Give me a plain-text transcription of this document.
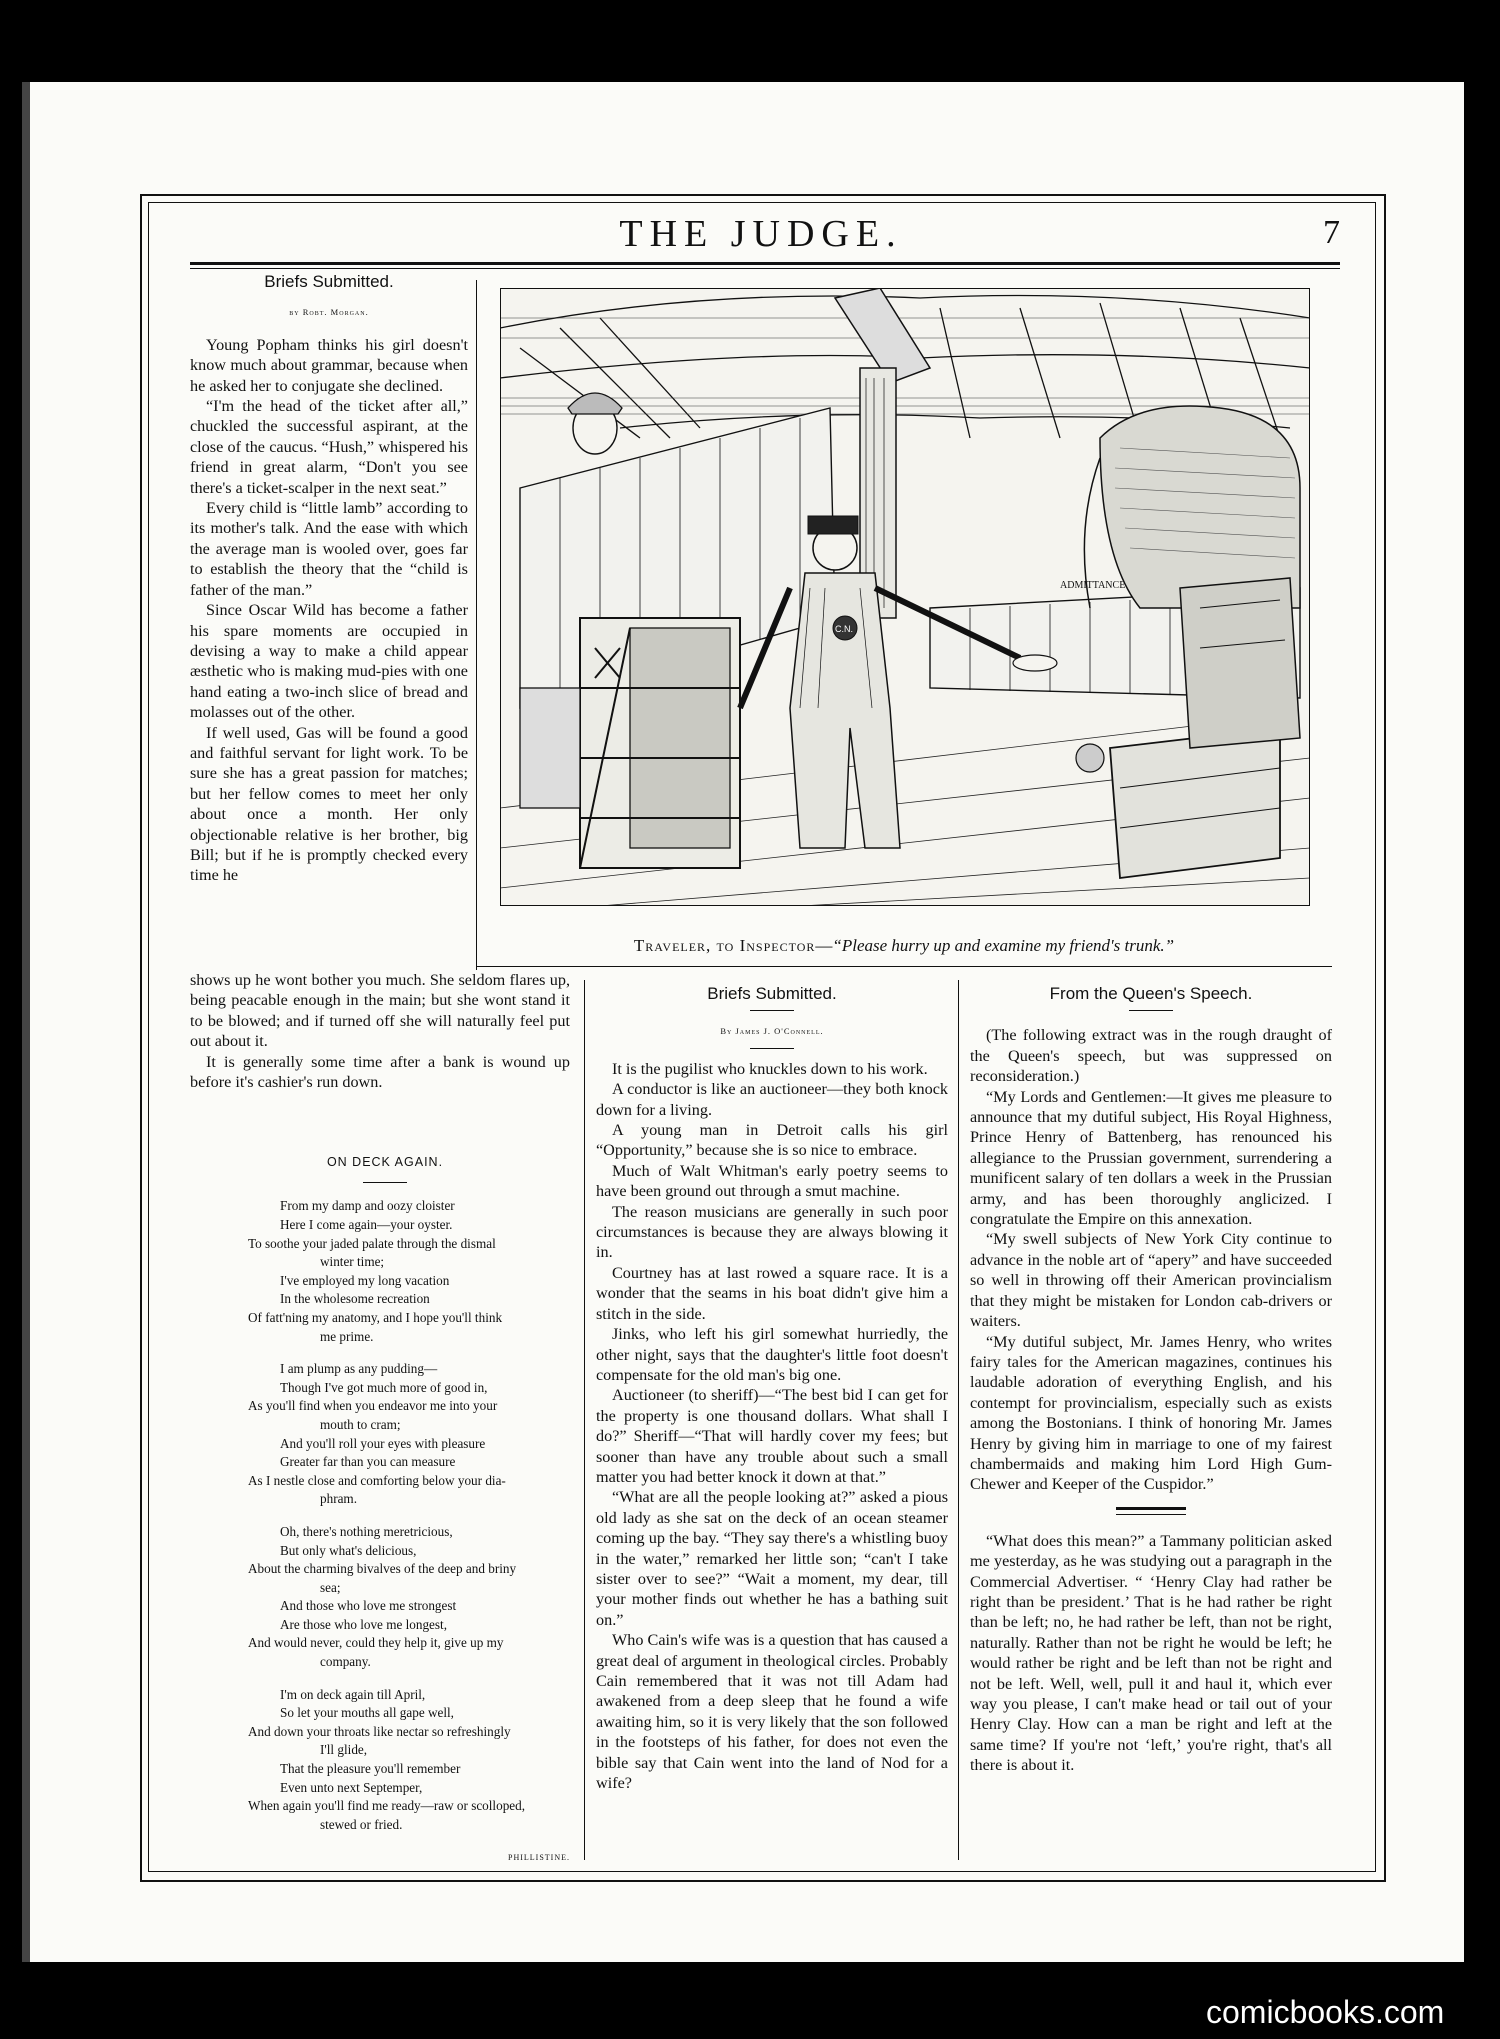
THE JUDGE.	7
Briefs Submitted.
by Robt. Morgan.

Young Popham thinks his girl doesn't know much about grammar, because when he asked her to conjugate she declined.

“I'm the head of the ticket after all,” chuckled the successful aspirant, at the close of the caucus. “Hush,” whispered his friend in great alarm, “Don't you see there's a ticket-scalper in the next seat.”

Every child is “little lamb” according to its mother's talk. And the ease with which the average man is wooled over, goes far to establish the theory that the “child is father of the man.”

Since Oscar Wild has become a father his spare moments are occupied in devising a way to make a child appear æsthetic who is making mud-pies with one hand eating a two-inch slice of bread and molasses out of the other.

If well used, Gas will be found a good and faithful servant for light work. To be sure she has a great passion for matches; but her fellow comes to meet her only about once a month. Her only objectionable relative is her brother, big Bill; but if he is promptly checked every time he

ADMITTANCE
C.N.
Traveler, to Inspector—“Please hurry up and examine my friend's trunk.”

shows up he wont bother you much. She seldom flares up, being peacable enough in the main; but she wont stand it to be blowed; and if turned off she will naturally feel put out about it.

It is generally some time after a bank is wound up before it's cashier's run down.

ON DECK AGAIN.
From my damp and oozy cloister
Here I come again—your oyster.
To soothe your jaded palate through the dismal
winter time;
I've employed my long vacation
In the wholesome recreation
Of fatt'ning my anatomy, and I hope you'll think
me prime.
I am plump as any pudding—
Though I've got much more of good in,
As you'll find when you endeavor me into your
mouth to cram;
And you'll roll your eyes with pleasure
Greater far than you can measure
As I nestle close and comforting below your dia-
phram.
Oh, there's nothing meretricious,
But only what's delicious,
About the charming bivalves of the deep and briny
sea;
And those who love me strongest
Are those who love me longest,
And would never, could they help it, give up my
company.
I'm on deck again till April,
So let your mouths all gape well,
And down your throats like nectar so refreshingly
I'll glide,
That the pleasure you'll remember
Even unto next Septemper,
When again you'll find me ready—raw or scolloped,
stewed or fried.
PHILLISTINE.
Briefs Submitted.
By James J. O'Connell.

It is the pugilist who knuckles down to his work.

A conductor is like an auctioneer—they both knock down for a living.

A young man in Detroit calls his girl “Opportunity,” because she is so nice to embrace.

Much of Walt Whitman's early poetry seems to have been ground out through a smut machine.

The reason musicians are generally in such poor circumstances is because they are always blowing it in.

Courtney has at last rowed a square race. It is a wonder that the seams in his boat didn't give him a stitch in the side.

Jinks, who left his girl somewhat hurriedly, the other night, says that the daughter's little foot doesn't compensate for the old man's big one.

Auctioneer (to sheriff)—“The best bid I can get for the property is one thousand dollars. What shall I do?” Sheriff—“That will hardly cover my fees; but sooner than have any trouble about such a small matter you had better knock it down at that.”

“What are all the people looking at?” asked a pious old lady as she sat on the deck of an ocean steamer coming up the bay. “They say there's a whistling buoy in the water,” remarked her little son; “can't I take sister over to see?” “Wait a moment, my dear, till your mother finds out whether he has a bathing suit on.”

Who Cain's wife was is a question that has caused a great deal of argument in theological circles. Probably Cain remembered that it was not till Adam had awakened from a deep sleep that he found a wife awaiting him, so it is very likely that the son followed in the footsteps of his father, for does not even the bible say that Cain went into the land of Nod for a wife?

From the Queen's Speech.

(The following extract was in the rough draught of the Queen's speech, but was suppressed on reconsideration.)

“My Lords and Gentlemen:—It gives me pleasure to announce that my dutiful subject, His Royal Highness, Prince Henry of Battenberg, has renounced his allegiance to the Prussian government, surrendering a munificent salary of ten dollars a week in the Prussian army, and has been thoroughly anglicized. I congratulate the Empire on this annexation.

“My swell subjects of New York City continue to advance in the noble art of “apery” and have succeeded so well in throwing off their American provincialism that they might be mistaken for London cab-drivers or waiters.

“My dutiful subject, Mr. James Henry, who writes fairy tales for the American magazines, continues his laudable adoration of everything English, and his contempt for provincialism, especially such as exists among the Bostonians. I think of honoring Mr. James Henry by giving him in marriage to one of my fairest chambermaids and making him Lord High Gum-Chewer and Keeper of the Cuspidor.”

“What does this mean?” a Tammany politician asked me yesterday, as he was studying out a paragraph in the Commercial Advertiser. “ ‘Henry Clay had rather be right than be president.’ That is he had rather be right than be left; no, he had rather be left, than not be right, naturally. Rather than not be right he would be left; he would rather be right and be left than not be right and not be left. Well, well, pull it and haul it, which ever way you please, I can't make head or tail out of your Henry Clay. How can a man be right and left at the same time? If you're not ‘left,’ you're right, that's all there is about it.

comicbooks.com
